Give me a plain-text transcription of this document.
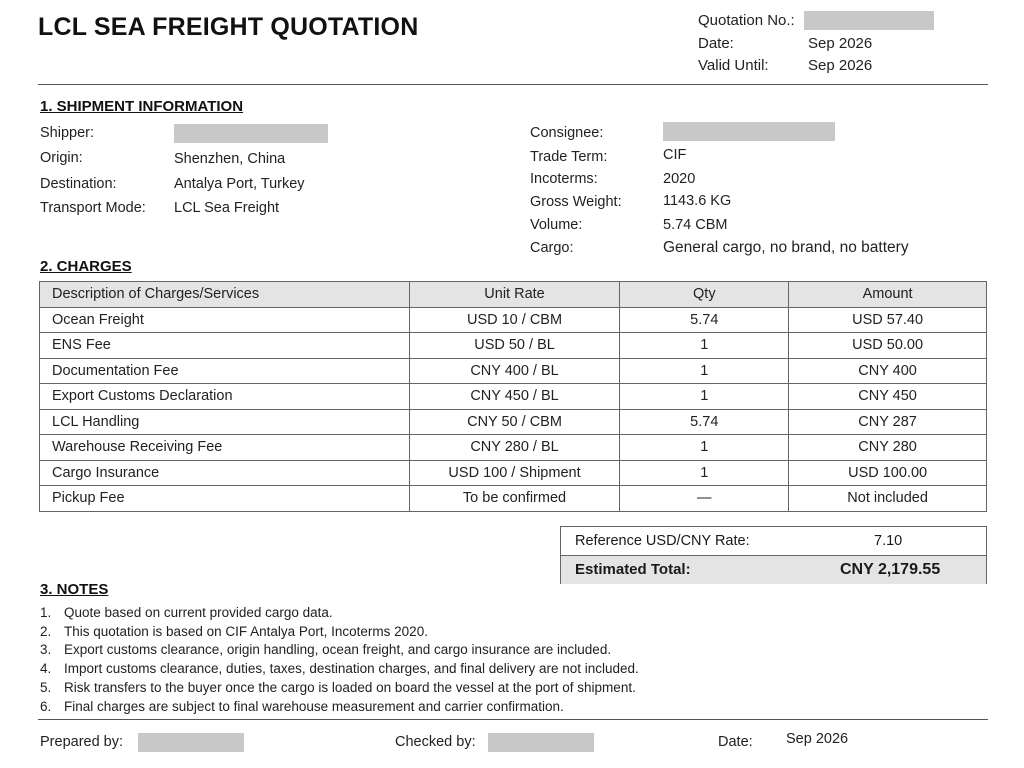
LCL SEA FREIGHT QUOTATION	Quotation No.:
Date:	Sep 2026
Valid Until:	Sep 2026
1. SHIPMENT INFORMATION
Shipper:
Origin:	Shenzhen, China
Destination:	Antalya Port, Turkey
Transport Mode: LCL Sea Freight
Consignee:
Trade Term:	CIF
Incoterms:	2020
Gross Weight:	1143.6 KG
Volume:	5.74 CBM
Cargo:	General cargo, no brand, no battery
2. CHARGES
Description of Charges/Services	Unit Rate	Qty	Amount
Ocean Freight	USD 10 / CBM	5.74	USD 57.40
ENS Fee	USD 50 / BL	1	USD 50.00
Documentation Fee	CNY 400 / BL	1	CNY 400
Export Customs Declaration	CNY 450 / BL	1	CNY 450
LCL Handling	CNY 50 / CBM	5.74	CNY 287
Warehouse Receiving Fee	CNY 280 / BL	1	CNY 280
Cargo Insurance	USD 100 / Shipment	1	USD 100.00
Pickup Fee	To be confirmed	—	Not included
Reference USD/CNY Rate:	7.10
Estimated Total:	CNY 2,179.55
3. NOTES
1. Quote based on current provided cargo data.
2. This quotation is based on CIF Antalya Port, Incoterms 2020.
3. Export customs clearance, origin handling, ocean freight, and cargo insurance are included.
4. Import customs clearance, duties, taxes, destination charges, and final delivery are not included.
5. Risk transfers to the buyer once the cargo is loaded on board the vessel at the port of shipment.
6. Final charges are subject to final warehouse measurement and carrier confirmation.
Prepared by:	Checked by:	Date: Sep 2026
